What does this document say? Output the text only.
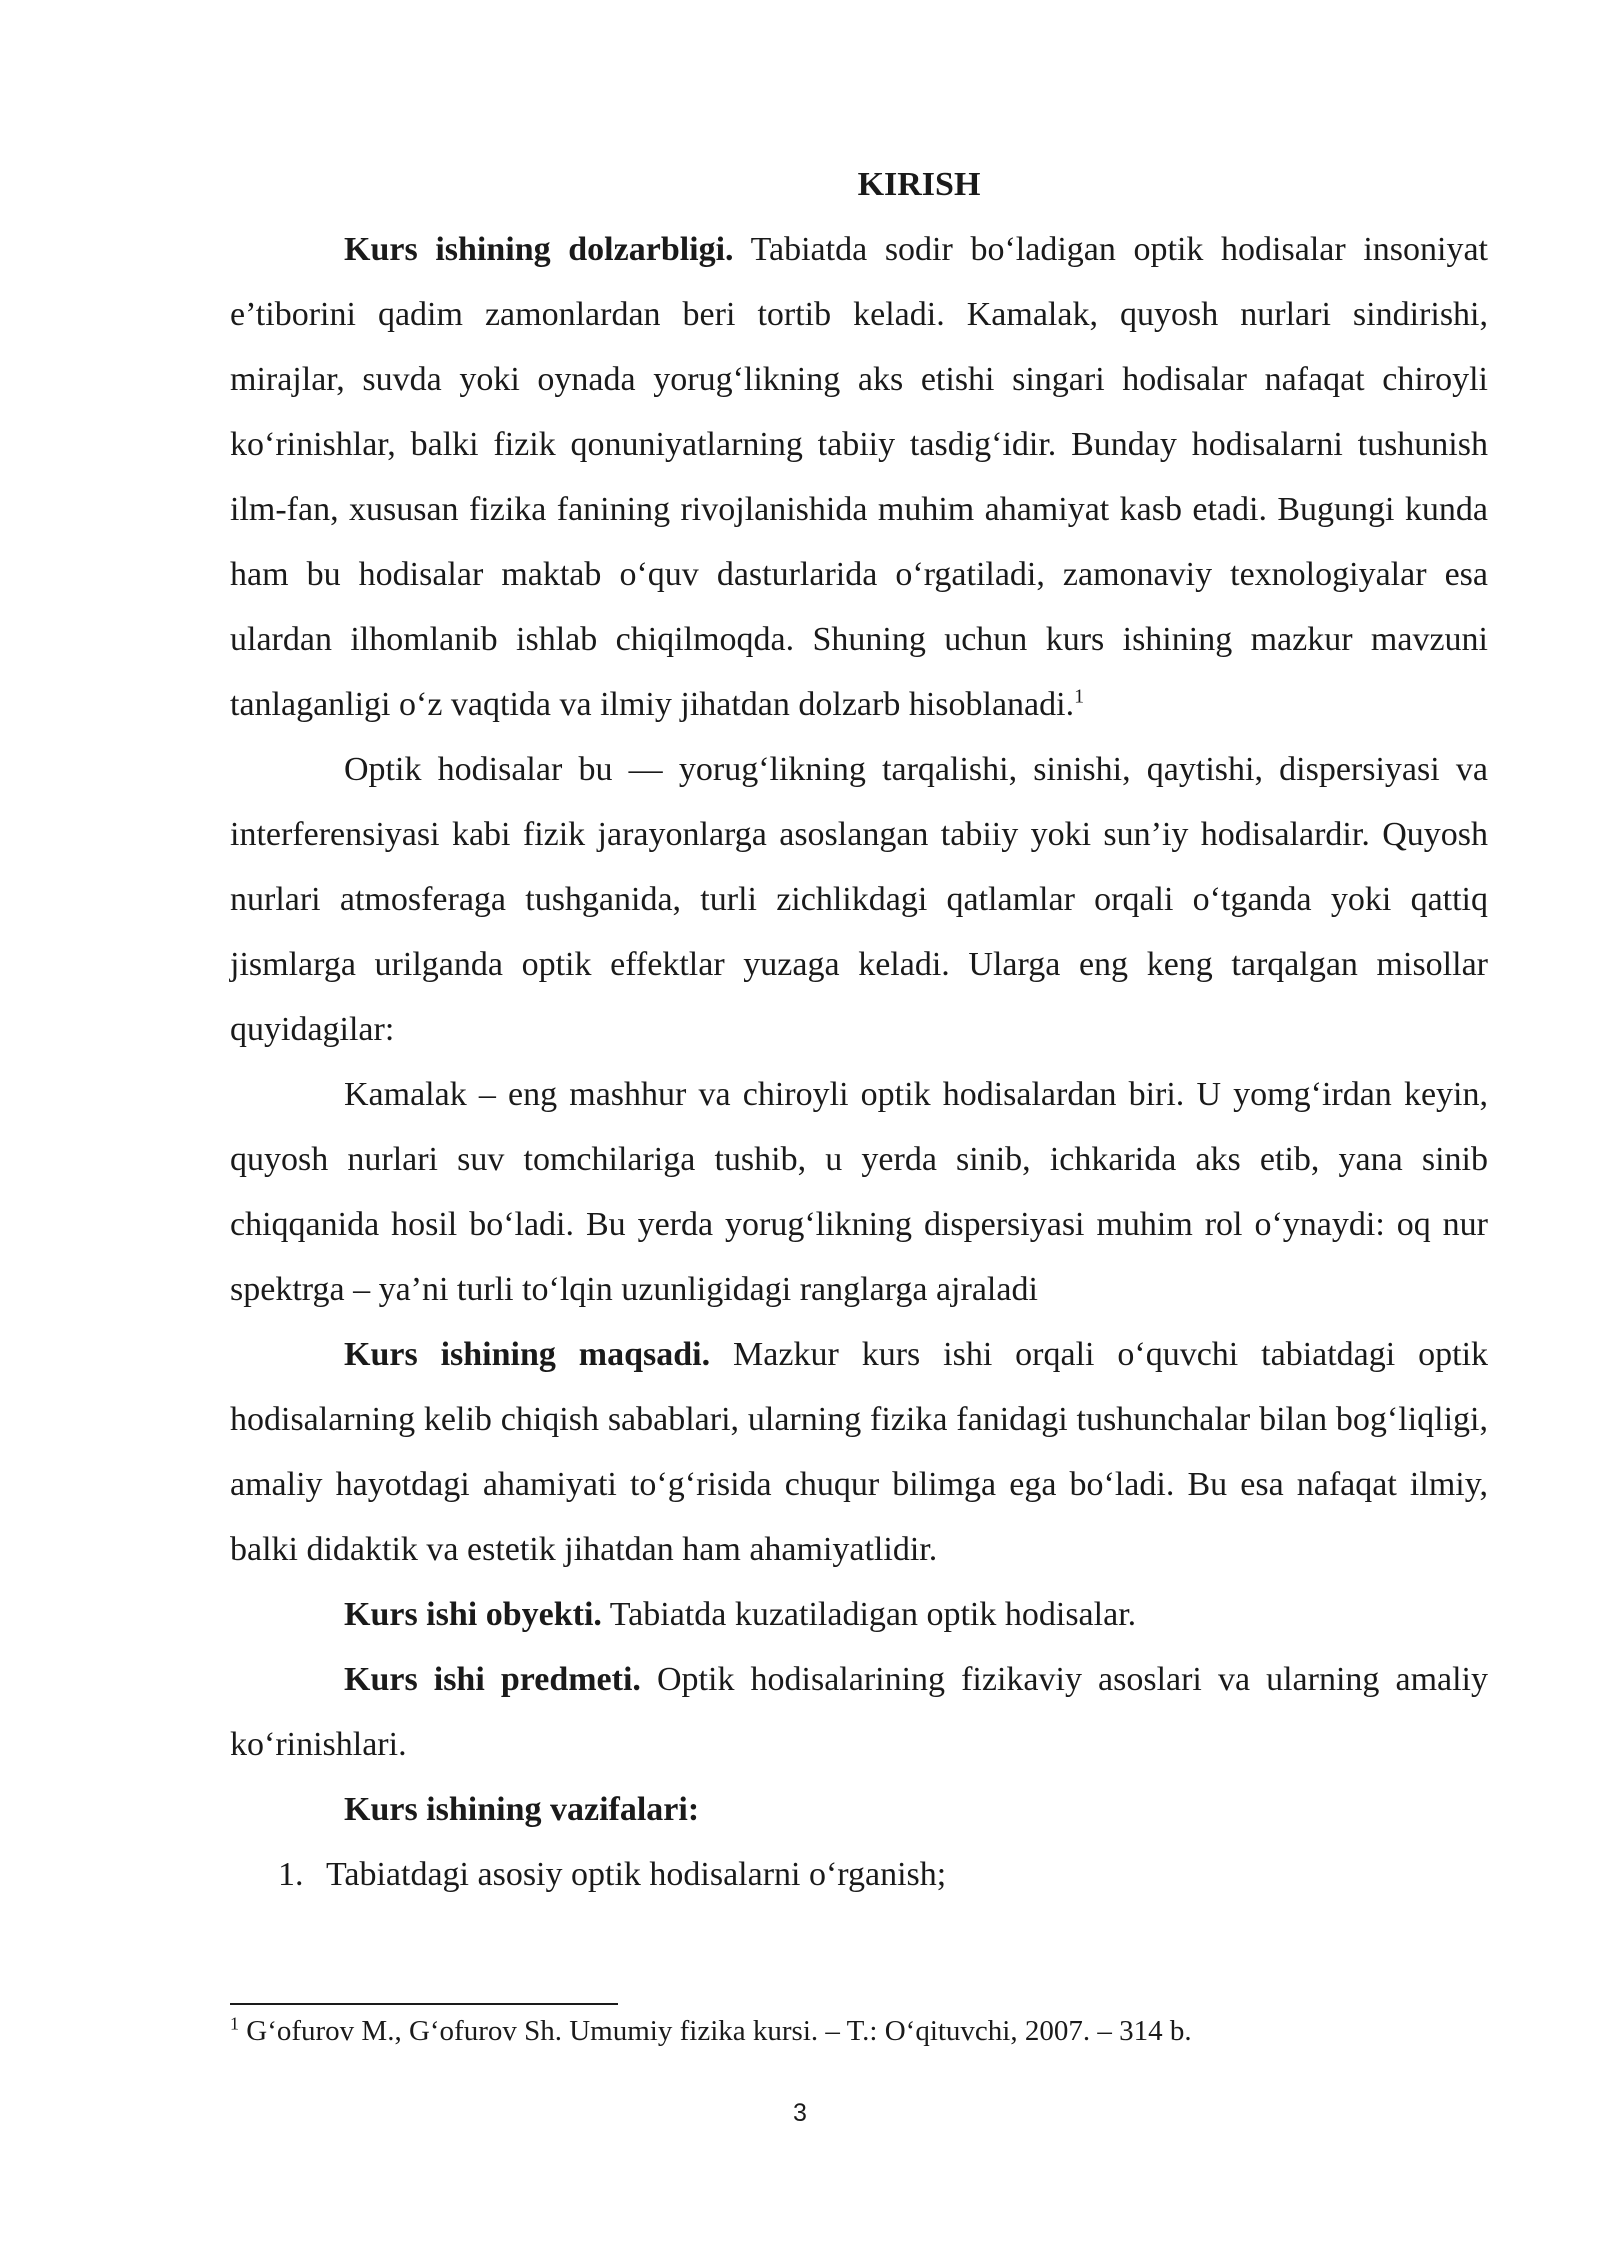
KIRISH

Kurs ishining dolzarbligi. Tabiatda sodir bo‘ladigan optik hodisalar insoniyat e’tiborini qadim zamonlardan beri tortib keladi. Kamalak, quyosh nurlari sindirishi, mirajlar, suvda yoki oynada yorug‘likning aks etishi singari hodisalar nafaqat chiroyli ko‘rinishlar, balki fizik qonuniyatlarning tabiiy tasdig‘idir. Bunday hodisalarni tushunish ilm-fan, xususan fizika fanining rivojlanishida muhim ahamiyat kasb etadi. Bugungi kunda ham bu hodisalar maktab o‘quv dasturlarida o‘rgatiladi, zamonaviy texnologiyalar esa ulardan ilhomlanib ishlab chiqilmoqda. Shuning uchun kurs ishining mazkur mavzuni tanlaganligi o‘z vaqtida va ilmiy jihatdan dolzarb hisoblanadi.$^1$

Optik hodisalar bu — yorug‘likning tarqalishi, sinishi, qaytishi, dispersiyasi va interferensiyasi kabi fizik jarayonlarga asoslangan tabiiy yoki sun’iy hodisalardir. Quyosh nurlari atmosferaga tushganida, turli zichlikdagi qatlamlar orqali o‘tganda yoki qattiq jismlarga urilganda optik effektlar yuzaga keladi. Ularga eng keng tarqalgan misollar quyidagilar:

Kamalak – eng mashhur va chiroyli optik hodisalardan biri. U yomg‘irdan keyin, quyosh nurlari suv tomchilariga tushib, u yerda sinib, ichkarida aks etib, yana sinib chiqqanida hosil bo‘ladi. Bu yerda yorug‘likning dispersiyasi muhim rol o‘ynaydi: oq nur spektrga – ya’ni turli to‘lqin uzunligidagi ranglarga ajraladi

Kurs ishining maqsadi. Mazkur kurs ishi orqali o‘quvchi tabiatdagi optik hodisalarning kelib chiqish sabablari, ularning fizika fanidagi tushunchalar bilan bog‘liqligi, amaliy hayotdagi ahamiyati to‘g‘risida chuqur bilimga ega bo‘ladi. Bu esa nafaqat ilmiy, balki didaktik va estetik jihatdan ham ahamiyatlidir.

Kurs ishi obyekti. Tabiatda kuzatiladigan optik hodisalar.

Kurs ishi predmeti. Optik hodisalarining fizikaviy asoslari va ularning amaliy ko‘rinishlari.

Kurs ishining vazifalari:

1. Tabiatdagi asosiy optik hodisalarni o‘rganish;

$^1$ G‘ofurov M., G‘ofurov Sh. Umumiy fizika kursi. – T.: O‘qituvchi, 2007. – 314 b.

3
